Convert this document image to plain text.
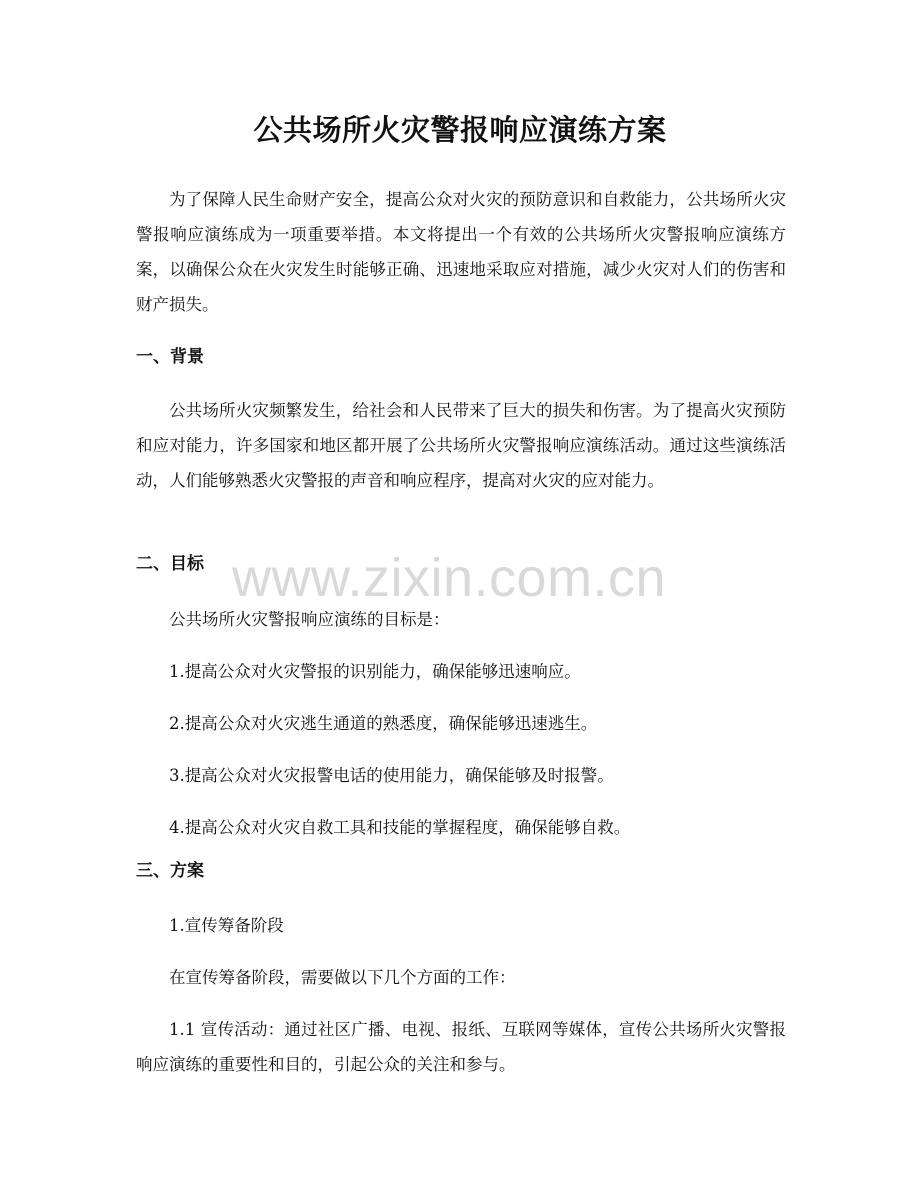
公共场所火灾警报响应演练方案

为了保障人民生命财产安全，提高公众对火灾的预防意识和自救能力，公共场所火灾警报响应演练成为一项重要举措。本文将提出一个有效的公共场所火灾警报响应演练方案，以确保公众在火灾发生时能够正确、迅速地采取应对措施，减少火灾对人们的伤害和财产损失。

一、背景

公共场所火灾频繁发生，给社会和人民带来了巨大的损失和伤害。为了提高火灾预防和应对能力，许多国家和地区都开展了公共场所火灾警报响应演练活动。通过这些演练活动，人们能够熟悉火灾警报的声音和响应程序，提高对火灾的应对能力。

二、目标 www.zixin.com.cn

公共场所火灾警报响应演练的目标是：

1.提高公众对火灾警报的识别能力，确保能够迅速响应。

2.提高公众对火灾逃生通道的熟悉度，确保能够迅速逃生。

3.提高公众对火灾报警电话的使用能力，确保能够及时报警。

4.提高公众对火灾自救工具和技能的掌握程度，确保能够自救。

三、方案

1.宣传筹备阶段

在宣传筹备阶段，需要做以下几个方面的工作：

1.1 宣传活动：通过社区广播、电视、报纸、互联网等媒体，宣传公共场所火灾警报响应演练的重要性和目的，引起公众的关注和参与。
